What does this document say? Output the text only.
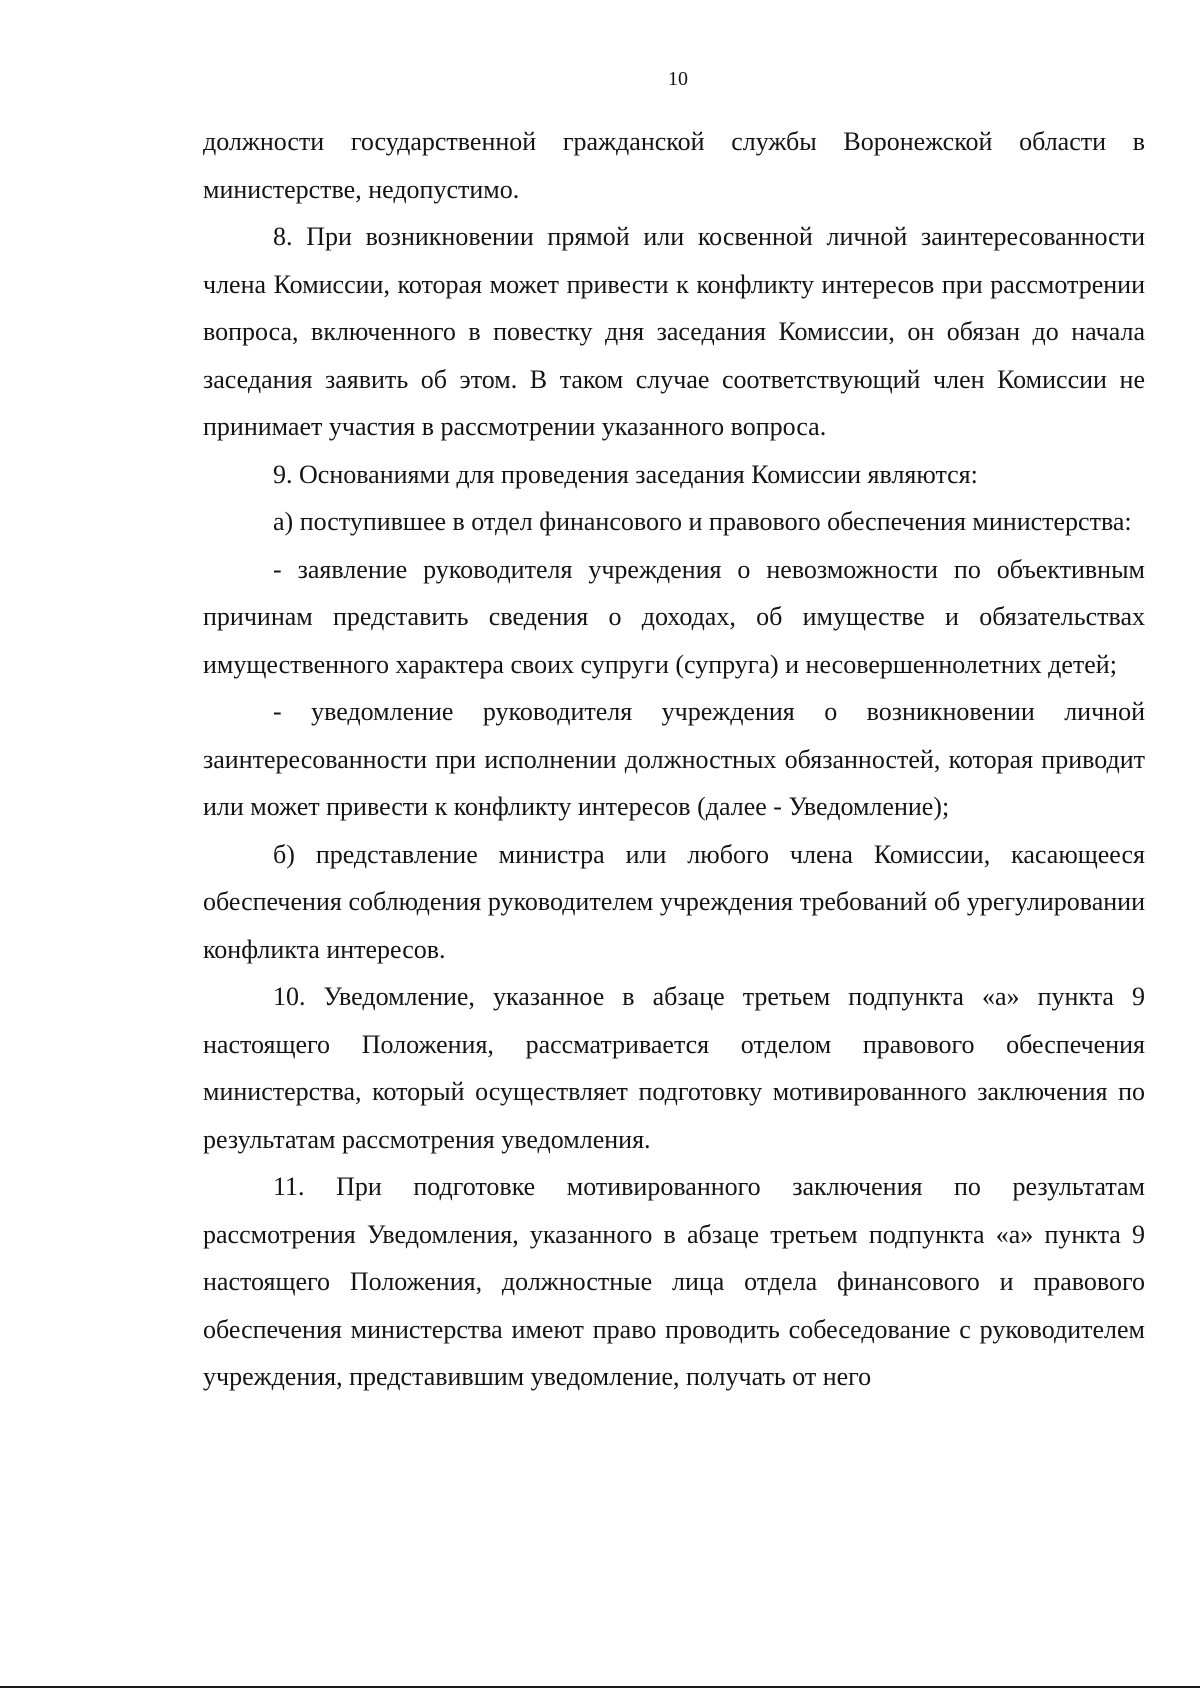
10

должности государственной гражданской службы Воронежской области в министерстве, недопустимо.

8. При возникновении прямой или косвенной личной заинтересованности члена Комиссии, которая может привести к конфликту интересов при рассмотрении вопроса, включенного в повестку дня заседания Комиссии, он обязан до начала заседания заявить об этом. В таком случае соответствующий член Комиссии не принимает участия в рассмотрении указанного вопроса.

9. Основаниями для проведения заседания Комиссии являются:

а) поступившее в отдел финансового и правового обеспечения министерства:

- заявление руководителя учреждения о невозможности по объективным причинам представить сведения о доходах, об имуществе и обязательствах имущественного характера своих супруги (супруга) и несовершеннолетних детей;

- уведомление руководителя учреждения о возникновении личной заинтересованности при исполнении должностных обязанностей, которая приводит или может привести к конфликту интересов (далее - Уведомление);

б) представление министра или любого члена Комиссии, касающееся обеспечения соблюдения руководителем учреждения требований об урегулировании конфликта интересов.

10. Уведомление, указанное в абзаце третьем подпункта «а» пункта 9 настоящего Положения, рассматривается отделом правового обеспечения министерства, который осуществляет подготовку мотивированного заключения по результатам рассмотрения уведомления.

11. При подготовке мотивированного заключения по результатам рассмотрения Уведомления, указанного в абзаце третьем подпункта «а» пункта 9 настоящего Положения, должностные лица отдела финансового и правового обеспечения министерства имеют право проводить собеседование с руководителем учреждения, представившим уведомление, получать от него
